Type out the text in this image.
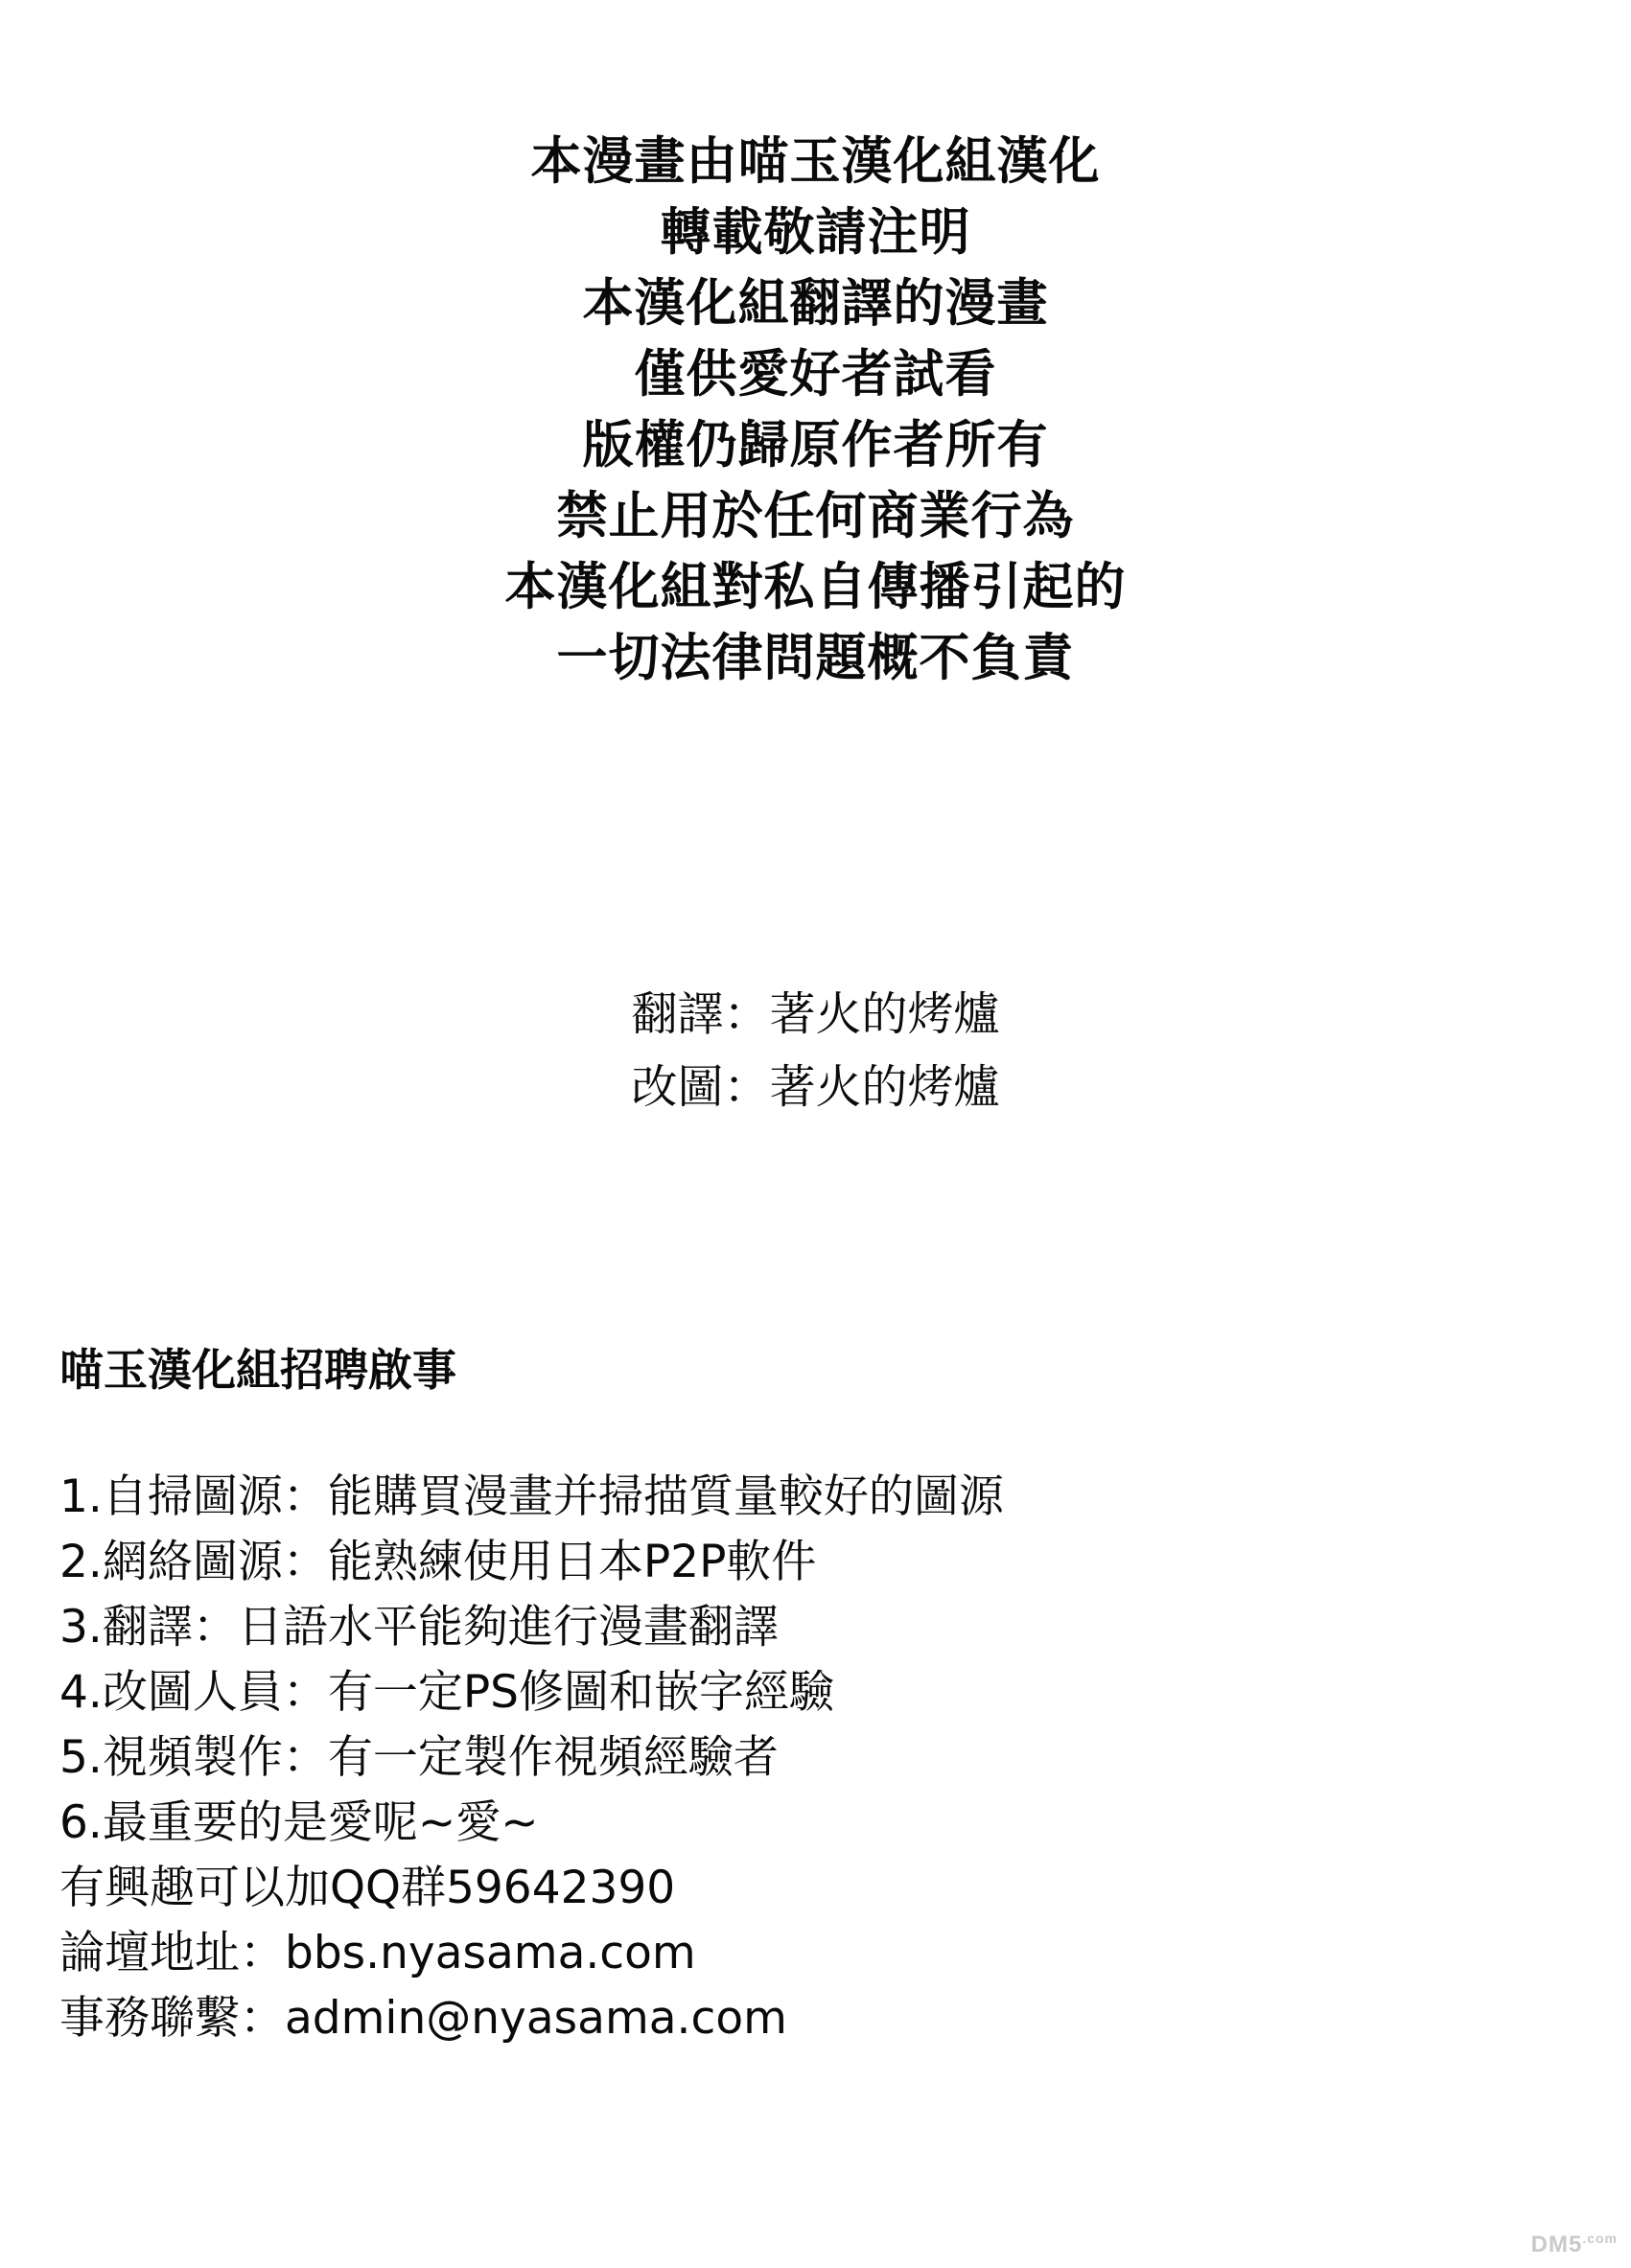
本漫畫由喵玉漢化組漢化
轉載敬請注明
本漢化組翻譯的漫畫
僅供愛好者試看
版權仍歸原作者所有
禁止用於任何商業行為
本漢化組對私自傳播引起的
一切法律問題概不負責
翻譯：著火的烤爐
改圖：著火的烤爐
喵玉漢化組招聘啟事
1.自掃圖源：能購買漫畫并掃描質量較好的圖源
2.網絡圖源：能熟練使用日本P2P軟件
3.翻譯：日語水平能夠進行漫畫翻譯
4.改圖人員：有一定PS修圖和嵌字經驗
5.視頻製作：有一定製作視頻經驗者
6.最重要的是愛呢~愛~
有興趣可以加QQ群59642390
論壇地址：bbs.nyasama.com
事務聯繫：admin@nyasama.com
$DM5^{.com}$
